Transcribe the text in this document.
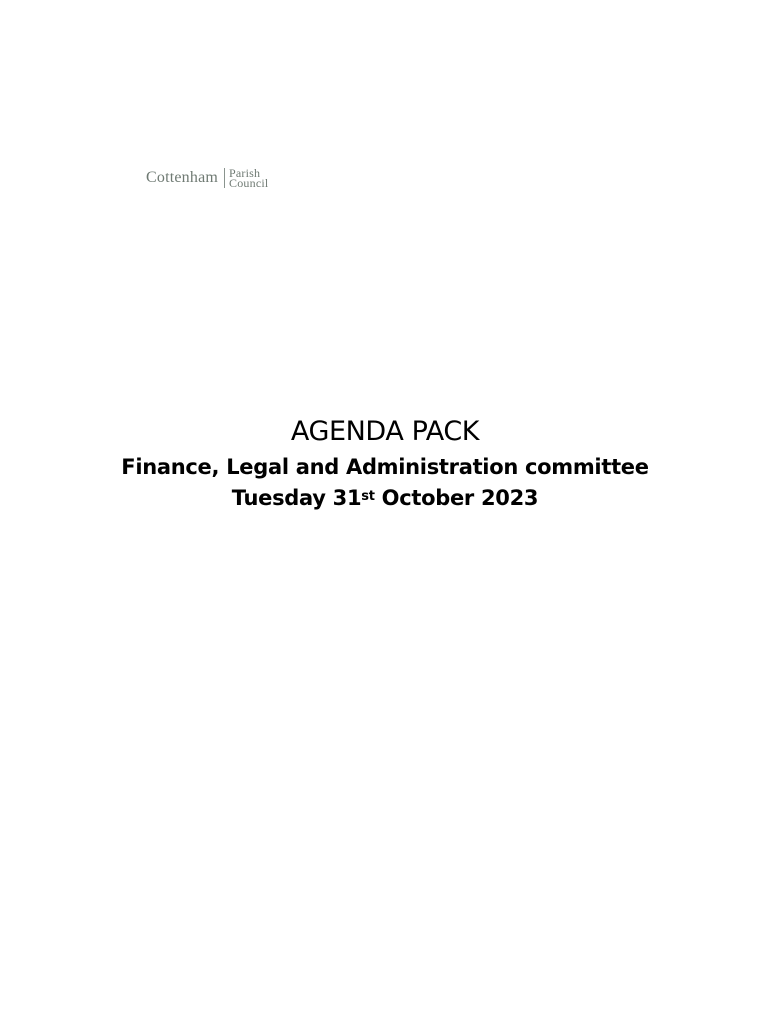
Cottenham Parish
Council
AGENDA PACK

Finance, Legal and Administration committee

Tuesday 31st October 2023
